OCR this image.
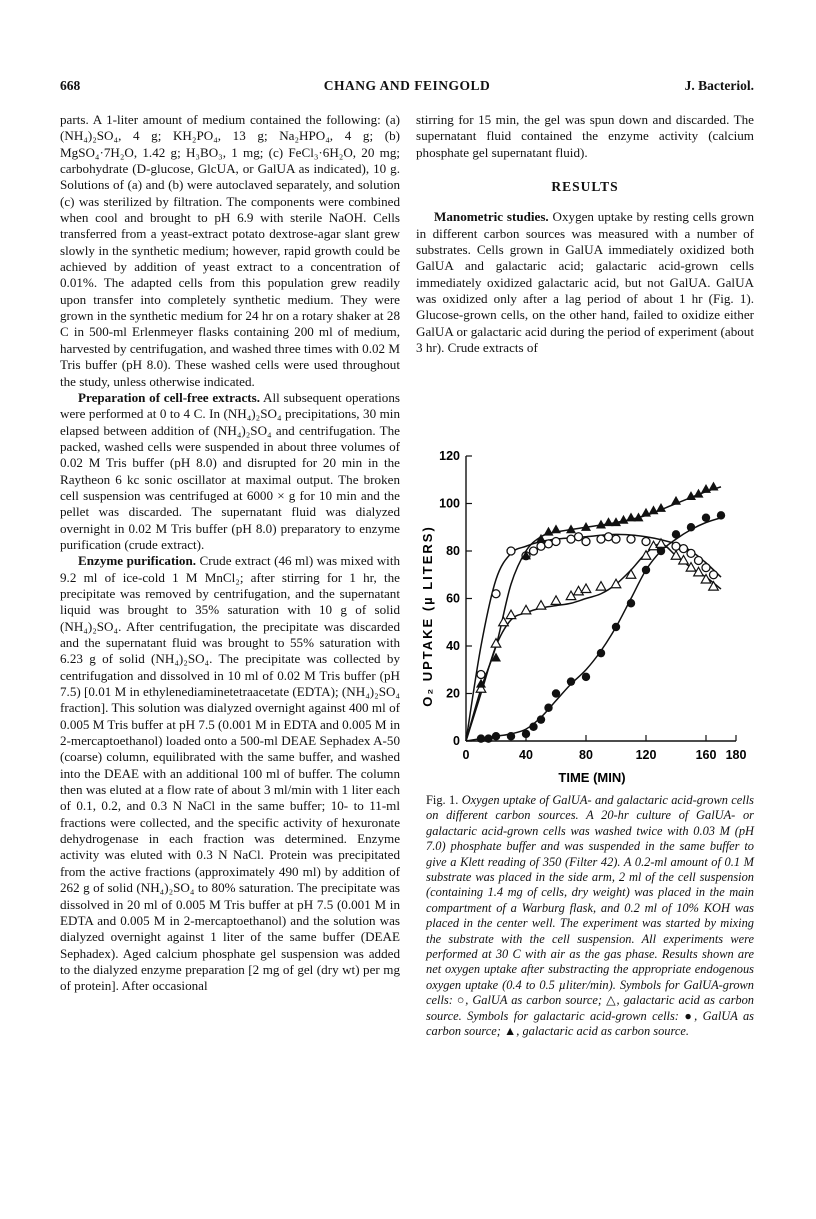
668	CHANG AND FEINGOLD	J. Bacteriol.

parts. A 1-liter amount of medium contained the following: (a) (NH₄)₂SO₄, 4 g; KH₂PO₄, 13 g; Na₂HPO₄, 4 g; (b) MgSO₄·7H₂O, 1.42 g; H₃BO₃, 1 mg; (c) FeCl₃·6H₂O, 20 mg; carbohydrate (D-glucose, GlcUA, or GalUA as indicated), 10 g. Solutions of (a) and (b) were autoclaved separately, and solution (c) was sterilized by filtration. The components were combined when cool and brought to pH 6.9 with sterile NaOH. Cells transferred from a yeast-extract potato dextrose-agar slant grew slowly in the synthetic medium; however, rapid growth could be achieved by addition of yeast extract to a concentration of 0.01%. The adapted cells from this population grew readily upon transfer into completely synthetic medium. They were grown in the synthetic medium for 24 hr on a rotary shaker at 28 C in 500-ml Erlenmeyer flasks containing 200 ml of medium, harvested by centrifugation, and washed three times with 0.02 M Tris buffer (pH 8.0). These washed cells were used throughout the study, unless otherwise indicated.

Preparation of cell-free extracts. All subsequent operations were performed at 0 to 4 C. In (NH₄)₂SO₄ precipitations, 30 min elapsed between addition of (NH₄)₂SO₄ and centrifugation. The packed, washed cells were suspended in about three volumes of 0.02 M Tris buffer (pH 8.0) and disrupted for 20 min in the Raytheon 6 kc sonic oscillator at maximal output. The broken cell suspension was centrifuged at 6000 × g for 10 min and the pellet was discarded. The supernatant fluid was dialyzed overnight in 0.02 M Tris buffer (pH 8.0) preparatory to enzyme purification (crude extract).

Enzyme purification. Crude extract (46 ml) was mixed with 9.2 ml of ice-cold 1 M MnCl₂; after stirring for 1 hr, the precipitate was removed by centrifugation, and the supernatant liquid was brought to 35% saturation with 10 g of solid (NH₄)₂SO₄. After centrifugation, the precipitate was discarded and the supernatant fluid was brought to 55% saturation with 6.23 g of solid (NH₄)₂SO₄. The precipitate was collected by centrifugation and dissolved in 10 ml of 0.02 M Tris buffer (pH 7.5) [0.01 M in ethylenediaminetetraacetate (EDTA); (NH₄)₂SO₄ fraction]. This solution was dialyzed overnight against 400 ml of 0.005 M Tris buffer at pH 7.5 (0.001 M in EDTA and 0.005 M in 2-mercaptoethanol) loaded onto a 500-ml DEAE Sephadex A-50 (coarse) column, equilibrated with the same buffer, and washed into the DEAE with an additional 100 ml of buffer. The column then was eluted at a flow rate of about 3 ml/min with 1 liter each of 0.1, 0.2, and 0.3 N NaCl in the same buffer; 10- to 11-ml fractions were collected, and the specific activity of hexuronate dehydrogenase in each fraction was determined. Enzyme activity was eluted with 0.3 N NaCl. Protein was precipitated from the active fractions (approximately 490 ml) by addition of 262 g of solid (NH₄)₂SO₄ to 80% saturation. The precipitate was dissolved in 20 ml of 0.005 M Tris buffer at pH 7.5 (0.001 M in EDTA and 0.005 M in 2-mercaptoethanol) and the solution was dialyzed overnight against 1 liter of the same buffer (DEAE Sephadex). Aged calcium phosphate gel suspension was added to the dialyzed enzyme preparation [2 mg of gel (dry wt) per mg of protein]. After occasional

stirring for 15 min, the gel was spun down and discarded. The supernatant fluid contained the enzyme activity (calcium phosphate gel supernatant fluid).

RESULTS

Manometric studies. Oxygen uptake by resting cells grown in different carbon sources was measured with a number of substrates. Cells grown in GalUA immediately oxidized both GalUA and galactaric acid; galactaric acid-grown cells immediately oxidized galactaric acid, but not GalUA. GalUA was oxidized only after a lag period of about 1 hr (Fig. 1). Glucose-grown cells, on the other hand, failed to oxidize either GalUA or galactaric acid during the period of experiment (about 3 hr). Crude extracts of

0
20
40
60
80
100
120
0	40	80	120	160 180
TIME (MIN)
O₂ UPTAKE (µ LITERS)
Fig. 1. Oxygen uptake of GalUA- and galactaric acid-grown cells on different carbon sources. A 20-hr culture of GalUA- or galactaric acid-grown cells was washed twice with 0.03 M (pH 7.0) phosphate buffer and was suspended in the same buffer to give a Klett reading of 350 (Filter 42). A 0.2-ml amount of 0.1 M substrate was placed in the side arm, 2 ml of the cell suspension (containing 1.4 mg of cells, dry weight) was placed in the main compartment of a Warburg flask, and 0.2 ml of 10% KOH was placed in the center well. The experiment was started by mixing the substrate with the cell suspension. All experiments were performed at 30 C with air as the gas phase. Results shown are net oxygen uptake after substracting the appropriate endogenous oxygen uptake (0.4 to 0.5 µliter/min). Symbols for GalUA-grown cells: ○, GalUA as carbon source; △, galactaric acid as carbon source. Symbols for galactaric acid-grown cells: ●, GalUA as carbon source; ▲, galactaric acid as carbon source.
